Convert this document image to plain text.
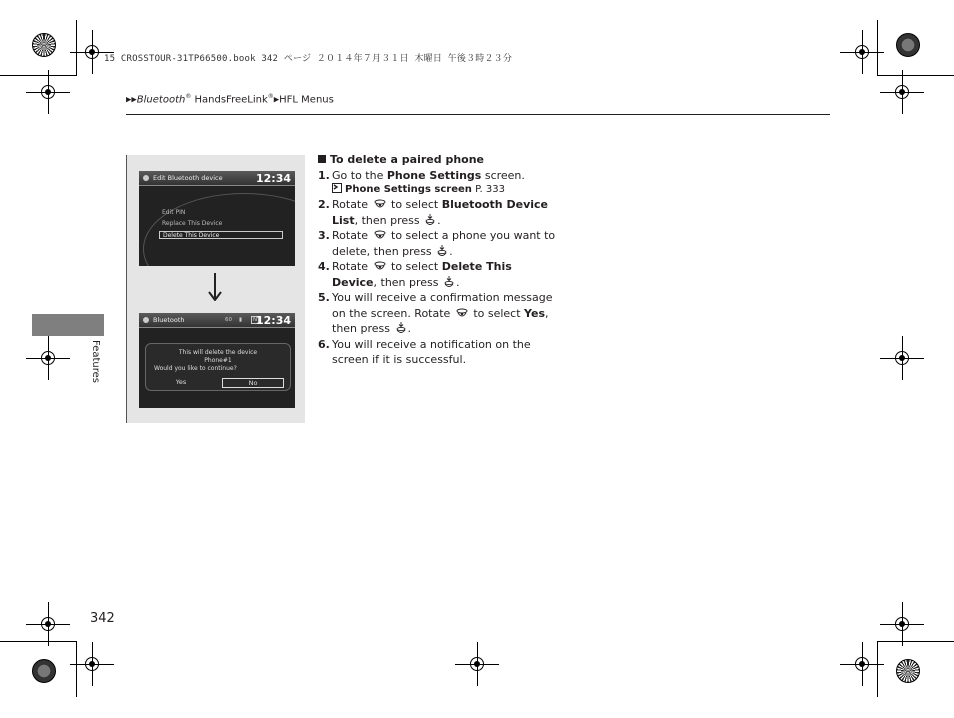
15 CROSSTOUR-31TP66500.book 342 ページ ２０１４年７月３１日 木曜日 午後３時２３分
▶▶Bluetooth® HandsFreeLink®▶HFL Menus
Features
Edit Bluetooth device	12:34
Edit PIN
Replace This Device
Delete This Device
Bluetooth	60 ▮	N
12:34
This will delete the device
Phone#1
Would you like to continue?
Yes	No
To delete a paired phone
1. Go to the Phone Settings screen.
Phone Settings screen P. 333
2. Rotate  to select Bluetooth Device List, then press .
3. Rotate  to select a phone you want to delete, then press .
4. Rotate  to select Delete This Device, then press .
5. You will receive a confirmation message on the screen. Rotate  to select Yes, then press .
6. You will receive a notification on the screen if it is successful.
342
